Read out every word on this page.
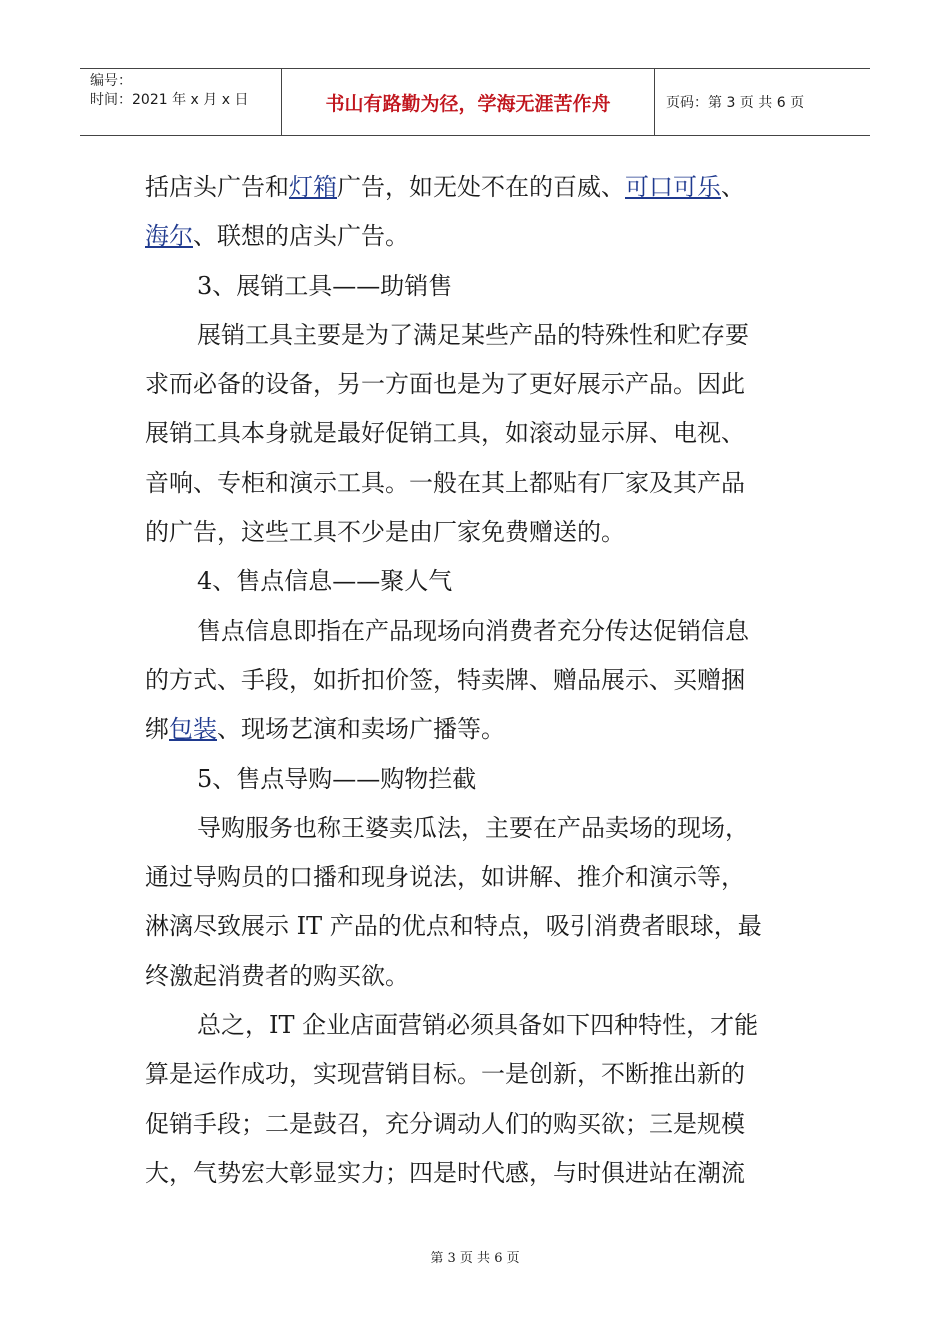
编号：
时间：2021 年 x 月 x 日	书山有路勤为径，学海无涯苦作舟	页码：第 3 页 共 6 页
括店头广告和灯箱广告，如无处不在的百威、可口可乐、
海尔、联想的店头广告。
3、展销工具——助销售
展销工具主要是为了满足某些产品的特殊性和贮存要
求而必备的设备，另一方面也是为了更好展示产品。因此
展销工具本身就是最好促销工具，如滚动显示屏、电视、
音响、专柜和演示工具。一般在其上都贴有厂家及其产品
的广告，这些工具不少是由厂家免费赠送的。
4、售点信息——聚人气
售点信息即指在产品现场向消费者充分传达促销信息
的方式、手段，如折扣价签，特卖牌、赠品展示、买赠捆
绑包装、现场艺演和卖场广播等。
5、售点导购——购物拦截
导购服务也称王婆卖瓜法，主要在产品卖场的现场，
通过导购员的口播和现身说法，如讲解、推介和演示等，
淋漓尽致展示 IT 产品的优点和特点，吸引消费者眼球，最
终激起消费者的购买欲。
总之，IT 企业店面营销必须具备如下四种特性，才能
算是运作成功，实现营销目标。一是创新，不断推出新的
促销手段；二是鼓召，充分调动人们的购买欲；三是规模
大，气势宏大彰显实力；四是时代感，与时俱进站在潮流
第 3 页 共 6 页
